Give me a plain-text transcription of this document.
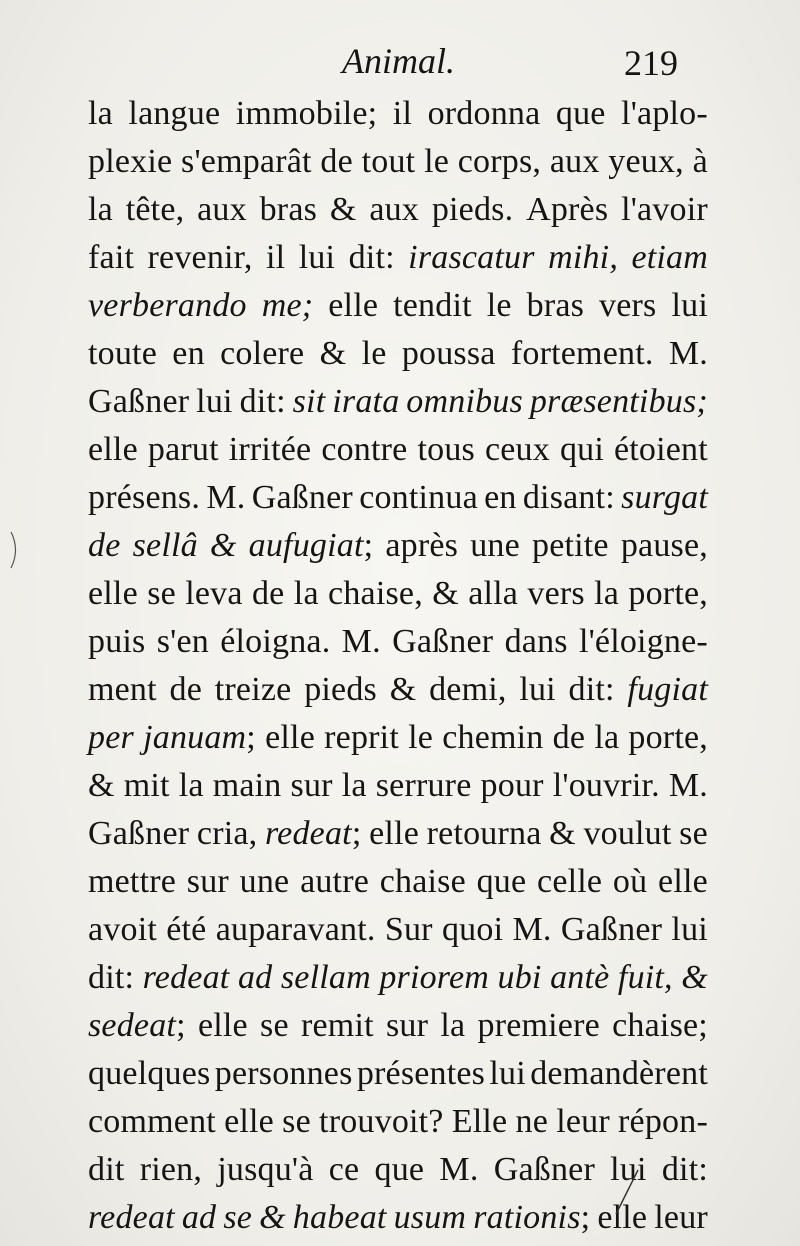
Animal.	219
la langue immobile; il ordonna que l'aplo-
plexie s'emparât de tout le corps, aux yeux, à
la tête, aux bras & aux pieds. Après l'avoir
fait revenir, il lui dit: irascatur mihi, etiam
verberando me; elle tendit le bras vers lui
toute en colere & le poussa fortement. M.
Gaßner lui dit: sit irata omnibus præsentibus;
elle parut irritée contre tous ceux qui étoient
présens. M. Gaßner continua en disant: surgat
de sellâ & aufugiat; après une petite pause,
elle se leva de la chaise, & alla vers la porte,
puis s'en éloigna. M. Gaßner dans l'éloigne-
ment de treize pieds & demi, lui dit: fugiat
per januam; elle reprit le chemin de la porte,
& mit la main sur la serrure pour l'ouvrir. M.
Gaßner cria, redeat; elle retourna & voulut se
mettre sur une autre chaise que celle où elle
avoit été auparavant. Sur quoi M. Gaßner lui
dit: redeat ad sellam priorem ubi antè fuit, &
sedeat; elle se remit sur la premiere chaise;
quelques personnes présentes lui demandèrent
comment elle se trouvoit? Elle ne leur répon-
dit rien, jusqu'à ce que M. Gaßner lui dit:
redeat ad se & habeat usum rationis; elle leur
